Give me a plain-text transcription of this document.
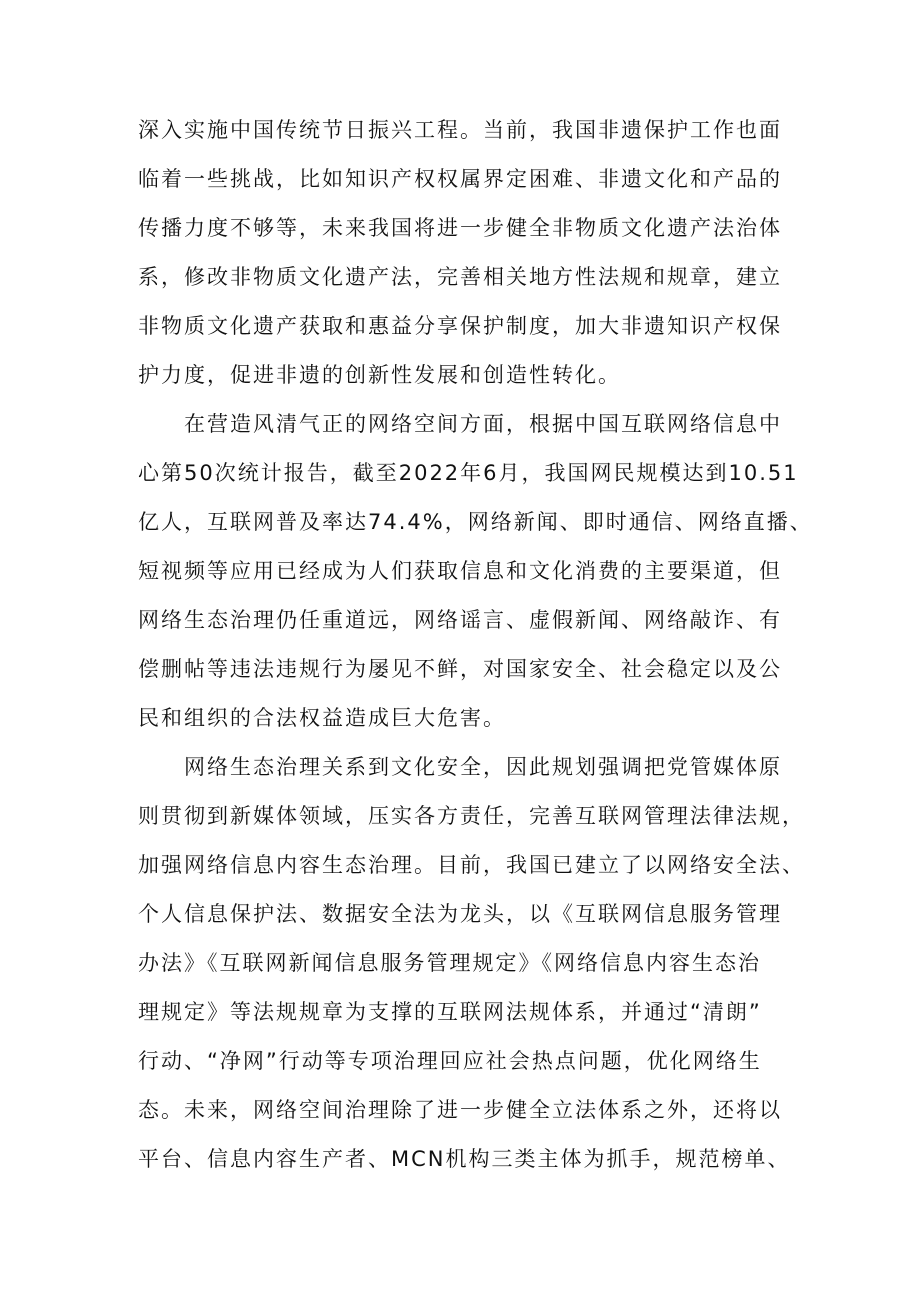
深入实施中国传统节日振兴工程。当前，我国非遗保护工作也面
临着一些挑战，比如知识产权权属界定困难、非遗文化和产品的
传播力度不够等，未来我国将进一步健全非物质文化遗产法治体
系，修改非物质文化遗产法，完善相关地方性法规和规章，建立
非物质文化遗产获取和惠益分享保护制度，加大非遗知识产权保
护力度，促进非遗的创新性发展和创造性转化。
在营造风清气正的网络空间方面，根据中国互联网络信息中
心第50次统计报告，截至2022年6月，我国网民规模达到10.51
亿人，互联网普及率达74.4%，网络新闻、即时通信、网络直播、
短视频等应用已经成为人们获取信息和文化消费的主要渠道，但
网络生态治理仍任重道远，网络谣言、虚假新闻、网络敲诈、有
偿删帖等违法违规行为屡见不鲜，对国家安全、社会稳定以及公
民和组织的合法权益造成巨大危害。
网络生态治理关系到文化安全，因此规划强调把党管媒体原
则贯彻到新媒体领域，压实各方责任，完善互联网管理法律法规，
加强网络信息内容生态治理。目前，我国已建立了以网络安全法、
个人信息保护法、数据安全法为龙头，以《互联网信息服务管理
办法》《互联网新闻信息服务管理规定》《网络信息内容生态治
理规定》等法规规章为支撑的互联网法规体系，并通过“清朗”
行动、“净网”行动等专项治理回应社会热点问题，优化网络生
态。未来，网络空间治理除了进一步健全立法体系之外，还将以
平台、信息内容生产者、MCN机构三类主体为抓手，规范榜单、
